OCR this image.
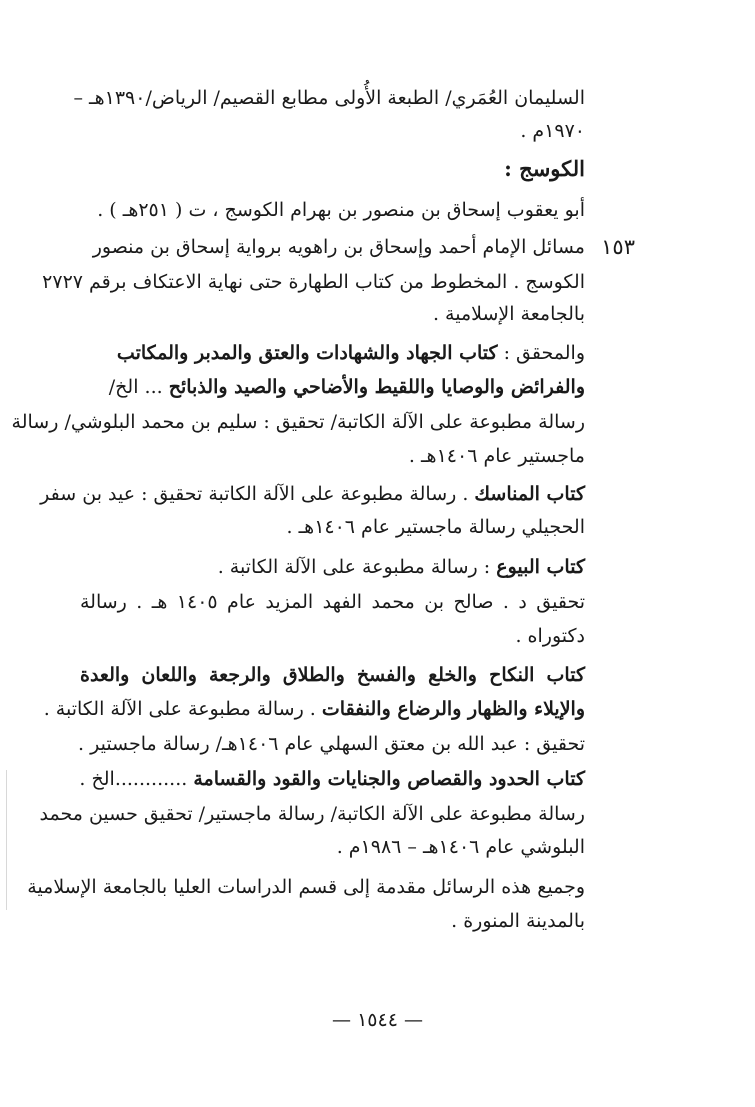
السليمان العُمَري/ الطبعة الأُولى مطابع القصيم/ الرياض/١٣٩٠هـ –
١٩٧٠م .
الكوسج :
أبو يعقوب إسحاق بن منصور بن بهرام الكوسج ، ت ( ٢٥١هـ ) .
١٥٣
مسائل الإمام أحمد وإسحاق بن راهويه برواية إسحاق بن منصور
الكوسج . المخطوط من كتاب الطهارة حتى نهاية الاعتكاف برقم ٢٧٢٧
بالجامعة الإسلامية .
والمحقق : كتاب الجهاد والشهادات والعتق والمدبر والمكاتب
والفرائض والوصايا واللقيط والأضاحي والصيد والذبائح ... الخ/
رسالة مطبوعة على الآلة الكاتبة/ تحقيق : سليم بن محمد البلوشي/ رسالة
ماجستير عام ١٤٠٦هـ .
كتاب المناسك . رسالة مطبوعة على الآلة الكاتبة تحقيق : عيد بن سفر
الحجيلي رسالة ماجستير عام ١٤٠٦هـ .
كتاب البيوع : رسالة مطبوعة على الآلة الكاتبة .
تحقيق د . صالح بن محمد الفهد المزيد عام ١٤٠٥ هـ . رسالة
دكتوراه .
كتاب النكاح والخلع والفسخ والطلاق والرجعة واللعان والعدة
والإيلاء والظهار والرضاع والنفقات . رسالة مطبوعة على الآلة الكاتبة .
تحقيق : عبد الله بن معتق السهلي عام ١٤٠٦هـ/ رسالة ماجستير .
كتاب الحدود والقصاص والجنايات والقود والقسامة ............الخ .
رسالة مطبوعة على الآلة الكاتبة/ رسالة ماجستير/ تحقيق حسين محمد
البلوشي عام ١٤٠٦هـ – ١٩٨٦م .
وجميع هذه الرسائل مقدمة إلى قسم الدراسات العليا بالجامعة الإسلامية
بالمدينة المنورة .
— ١٥٤٤ —
